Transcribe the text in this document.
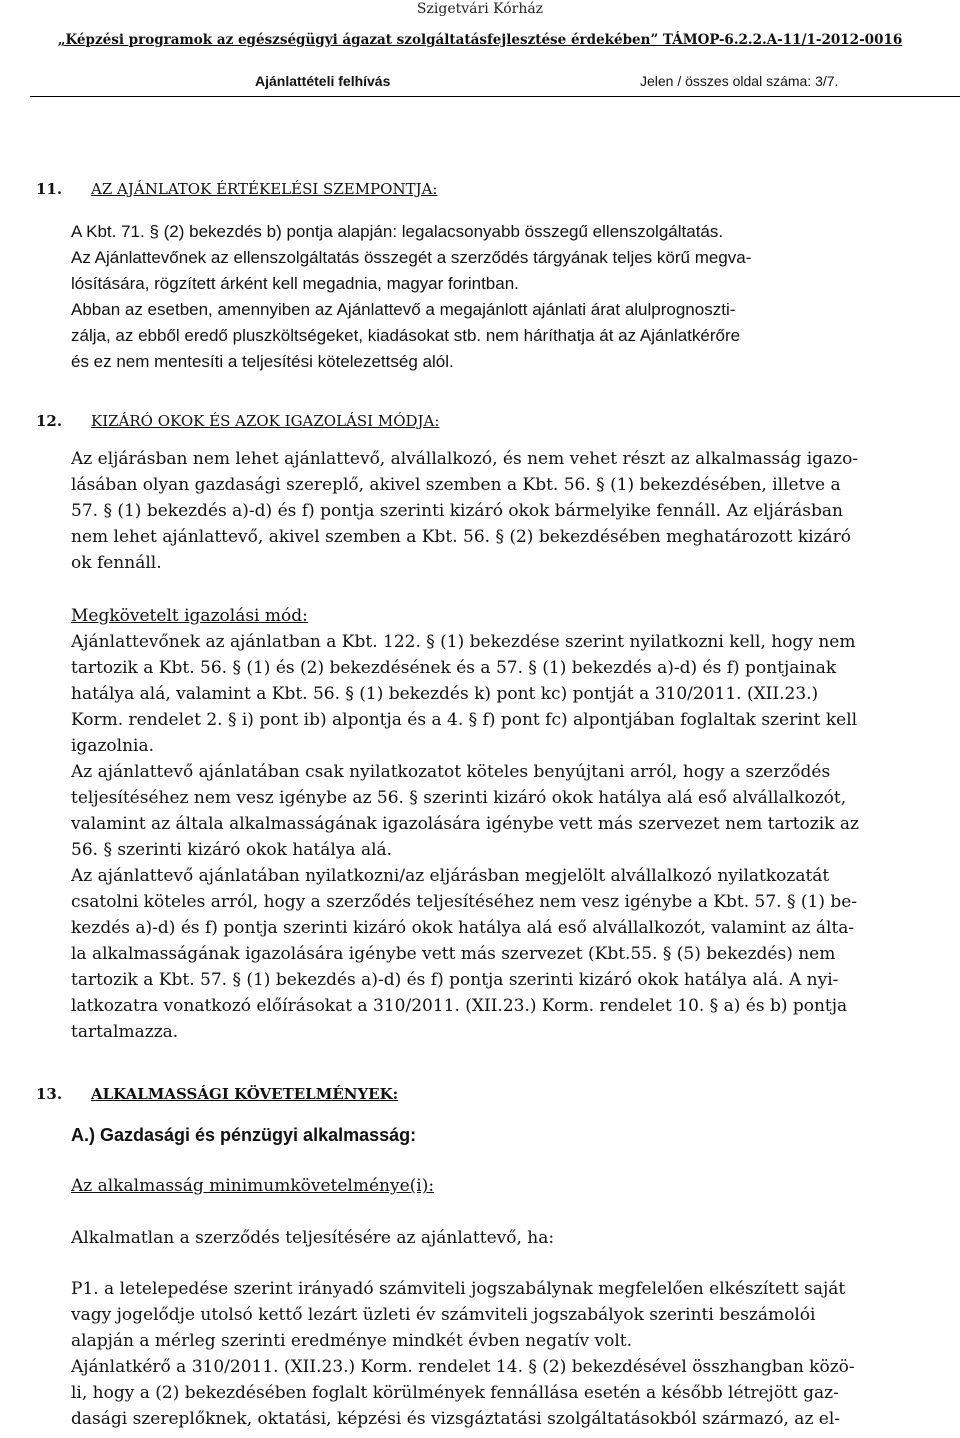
Szigetvári Kórház
„Képzési programok az egészségügyi ágazat szolgáltatásfejlesztése érdekében” TÁMOP-6.2.2.A-11/1-2012-0016
Ajánlattételi felhívás	Jelen / összes oldal száma: 3/7.
11. AZ AJÁNLATOK ÉRTÉKELÉSI SZEMPONTJA:

A Kbt. 71. § (2) bekezdés b) pontja alapján: legalacsonyabb összegű ellenszolgáltatás.

Az Ajánlattevőnek az ellenszolgáltatás összegét a szerződés tárgyának teljes körű megva-

lósítására, rögzített árként kell megadnia, magyar forintban.

Abban az esetben, amennyiben az Ajánlattevő a megajánlott ajánlati árat alulprognoszti-

zálja, az ebből eredő pluszköltségeket, kiadásokat stb. nem háríthatja át az Ajánlatkérőre

és ez nem mentesíti a teljesítési kötelezettség alól.

12. KIZÁRÓ OKOK ÉS AZOK IGAZOLÁSI MÓDJA:

Az eljárásban nem lehet ajánlattevő, alvállalkozó, és nem vehet részt az alkalmasság igazo-

lásában olyan gazdasági szereplő, akivel szemben a Kbt. 56. § (1) bekezdésében, illetve a

57. § (1) bekezdés a)-d) és f) pontja szerinti kizáró okok bármelyike fennáll. Az eljárásban

nem lehet ajánlattevő, akivel szemben a Kbt. 56. § (2) bekezdésében meghatározott kizáró

ok fennáll.

Megkövetelt igazolási mód:

Ajánlattevőnek az ajánlatban a Kbt. 122. § (1) bekezdése szerint nyilatkozni kell, hogy nem

tartozik a Kbt. 56. § (1) és (2) bekezdésének és a 57. § (1) bekezdés a)-d) és f) pontjainak

hatálya alá, valamint a Kbt. 56. § (1) bekezdés k) pont kc) pontját a 310/2011. (XII.23.)

Korm. rendelet 2. § i) pont ib) alpontja és a 4. § f) pont fc) alpontjában foglaltak szerint kell

igazolnia.

Az ajánlattevő ajánlatában csak nyilatkozatot köteles benyújtani arról, hogy a szerződés

teljesítéséhez nem vesz igénybe az 56. § szerinti kizáró okok hatálya alá eső alvállalkozót,

valamint az általa alkalmasságának igazolására igénybe vett más szervezet nem tartozik az

56. § szerinti kizáró okok hatálya alá.

Az ajánlattevő ajánlatában nyilatkozni/az eljárásban megjelölt alvállalkozó nyilatkozatát

csatolni köteles arról, hogy a szerződés teljesítéséhez nem vesz igénybe a Kbt. 57. § (1) be-

kezdés a)-d) és f) pontja szerinti kizáró okok hatálya alá eső alvállalkozót, valamint az álta-

la alkalmasságának igazolására igénybe vett más szervezet (Kbt.55. § (5) bekezdés) nem

tartozik a Kbt. 57. § (1) bekezdés a)-d) és f) pontja szerinti kizáró okok hatálya alá. A nyi-

latkozatra vonatkozó előírásokat a 310/2011. (XII.23.) Korm. rendelet 10. § a) és b) pontja

tartalmazza.

13. ALKALMASSÁGI KÖVETELMÉNYEK:

A.) Gazdasági és pénzügyi alkalmasság:

Az alkalmasság minimumkövetelménye(i):

Alkalmatlan a szerződés teljesítésére az ajánlattevő, ha:

P1. a letelepedése szerint irányadó számviteli jogszabálynak megfelelően elkészített saját

vagy jogelődje utolsó kettő lezárt üzleti év számviteli jogszabályok szerinti beszámolói

alapján a mérleg szerinti eredménye mindkét évben negatív volt.

Ajánlatkérő a 310/2011. (XII.23.) Korm. rendelet 14. § (2) bekezdésével összhangban közö-

li, hogy a (2) bekezdésében foglalt körülmények fennállása esetén a később létrejött gaz-

dasági szereplőknek, oktatási, képzési és vizsgáztatási szolgáltatásokból származó, az el-
